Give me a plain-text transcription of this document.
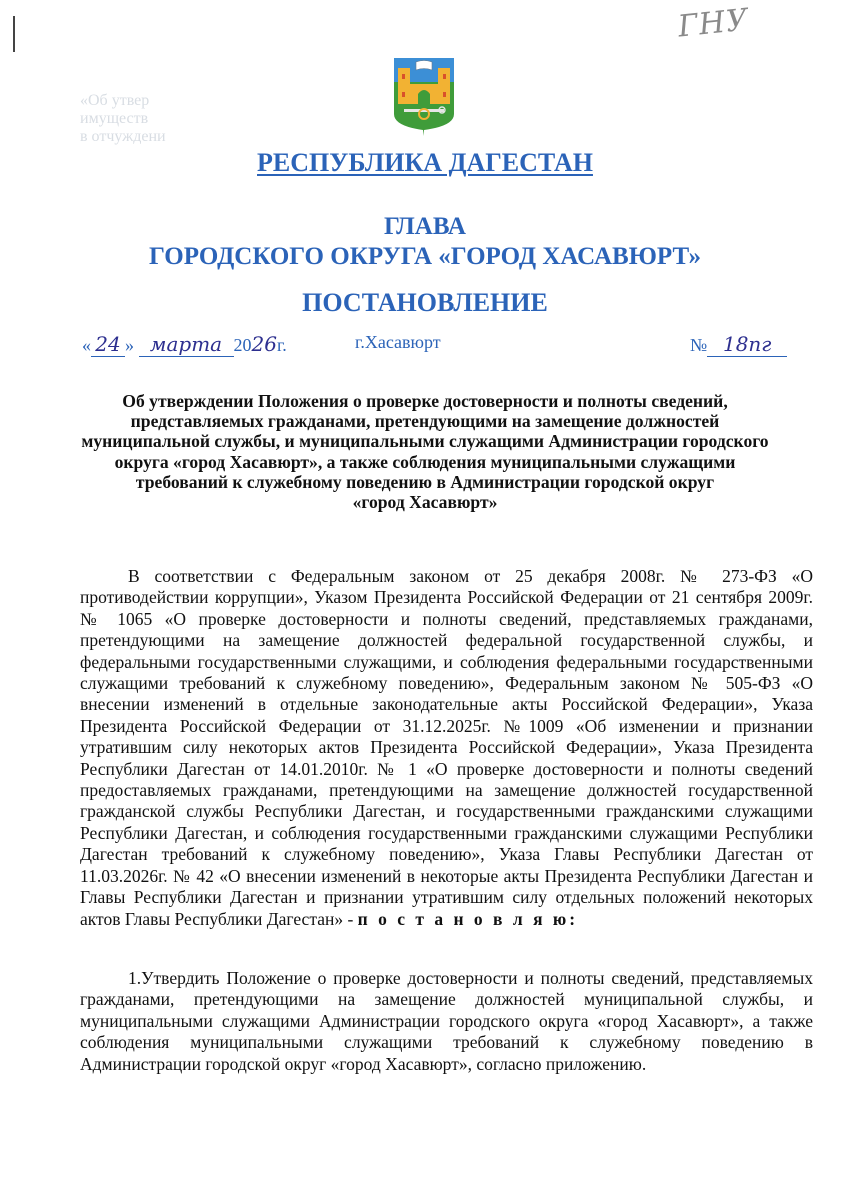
ГНУ
«Об утвер
имуществ
в отчуждени
РЕСПУБЛИКА ДАГЕСТАН
ГЛАВА
ГОРОДСКОГО ОКРУГА «ГОРОД ХАСАВЮРТ»
ПОСТАНОВЛЕНИЕ
« 24 » марта 2026г.	г.Хасавюрт	№ 18пг
Об утверждении Положения о проверке достоверности и полноты сведений,
представляемых гражданами, претендующими на замещение должностей
муниципальной службы, и муниципальными служащими Администрации городского
округа «город Хасавюрт», а также соблюдения муниципальными служащими
требований к служебному поведению в Администрации городской округ
«город Хасавюрт»
В соответствии с Федеральным законом от 25 декабря 2008г. № 273-ФЗ «О противодействии коррупции», Указом Президента Российской Федерации от 21 сентября 2009г. № 1065 «О проверке достоверности и полноты сведений, представляемых гражданами, претендующими на замещение должностей федеральной государственной службы, и федеральными государственными служащими, и соблюдения федеральными государственными служащими требований к служебному поведению», Федеральным законом № 505-ФЗ «О внесении изменений в отдельные законодательные акты Российской Федерации», Указа Президента Российской Федерации от 31.12.2025г. №1009 «Об изменении и признании утратившим силу некоторых актов Президента Российской Федерации», Указа Президента Республики Дагестан от 14.01.2010г. № 1 «О проверке достоверности и полноты сведений предоставляемых гражданами, претендующими на замещение должностей государственной гражданской службы Республики Дагестан, и государственными гражданскими служащими Республики Дагестан, и соблюдения государственными гражданскими служащими Республики Дагестан требований к служебному поведению», Указа Главы Республики Дагестан от 11.03.2026г. № 42 «О внесении изменений в некоторые акты Президента Республики Дагестан и Главы Республики Дагестан и признании утратившим силу отдельных положений некоторых актов Главы Республики Дагестан» - п о с т а н о в л я ю:
1.Утвердить Положение о проверке достоверности и полноты сведений, представляемых гражданами, претендующими на замещение должностей муниципальной службы, и муниципальными служащими Администрации городского округа «город Хасавюрт», а также соблюдения муниципальными служащими требований к служебному поведению в Администрации городской округ «город Хасавюрт», согласно приложению.
